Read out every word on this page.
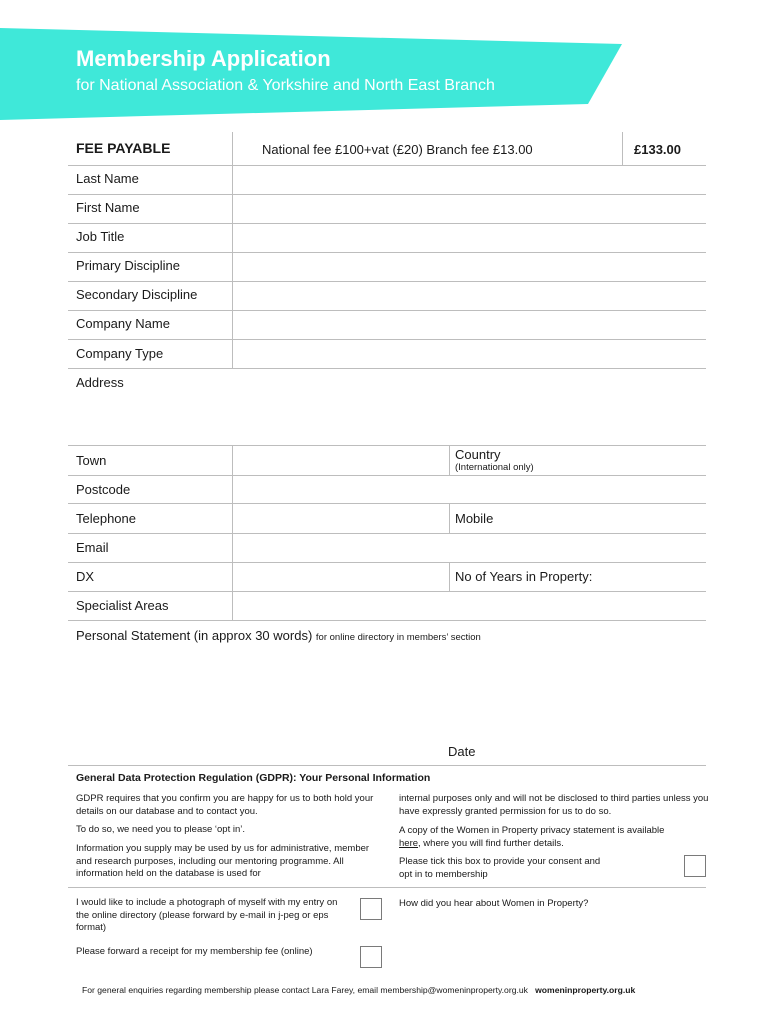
Membership Application
for National Association & Yorkshire and North East Branch
FEE PAYABLE	National fee £100+vat (£20) Branch fee £13.00	£133.00
Last Name
First Name
Job Title
Primary Discipline
Secondary Discipline
Company Name
Company Type
Address
Town	Country
(International only)
Postcode
Telephone	Mobile
Email
DX	No of Years in Property:
Specialist Areas
Personal Statement (in approx 30 words) for online directory in members’ section
Date
General Data Protection Regulation (GDPR): Your Personal Information
GDPR requires that you confirm you are happy for us to both hold your details on our database and to contact you.
To do so, we need you to please ‘opt in’.
Information you supply may be used by us for administrative, member and research purposes, including our mentoring programme. All information held on the database is used for
internal purposes only and will not be disclosed to third parties unless you have expressly granted permission for us to do so.
A copy of the Women in Property privacy statement is available
here, where you will find further details.
Please tick this box to provide your consent and opt in to membership
I would like to include a photograph of myself with my entry on the online directory (please forward by e-mail in j-peg or eps format)
How did you hear about Women in Property?
Please forward a receipt for my membership fee (online)
For general enquiries regarding membership please contact Lara Farey, email membership@womeninproperty.org.uk womeninproperty.org.uk
